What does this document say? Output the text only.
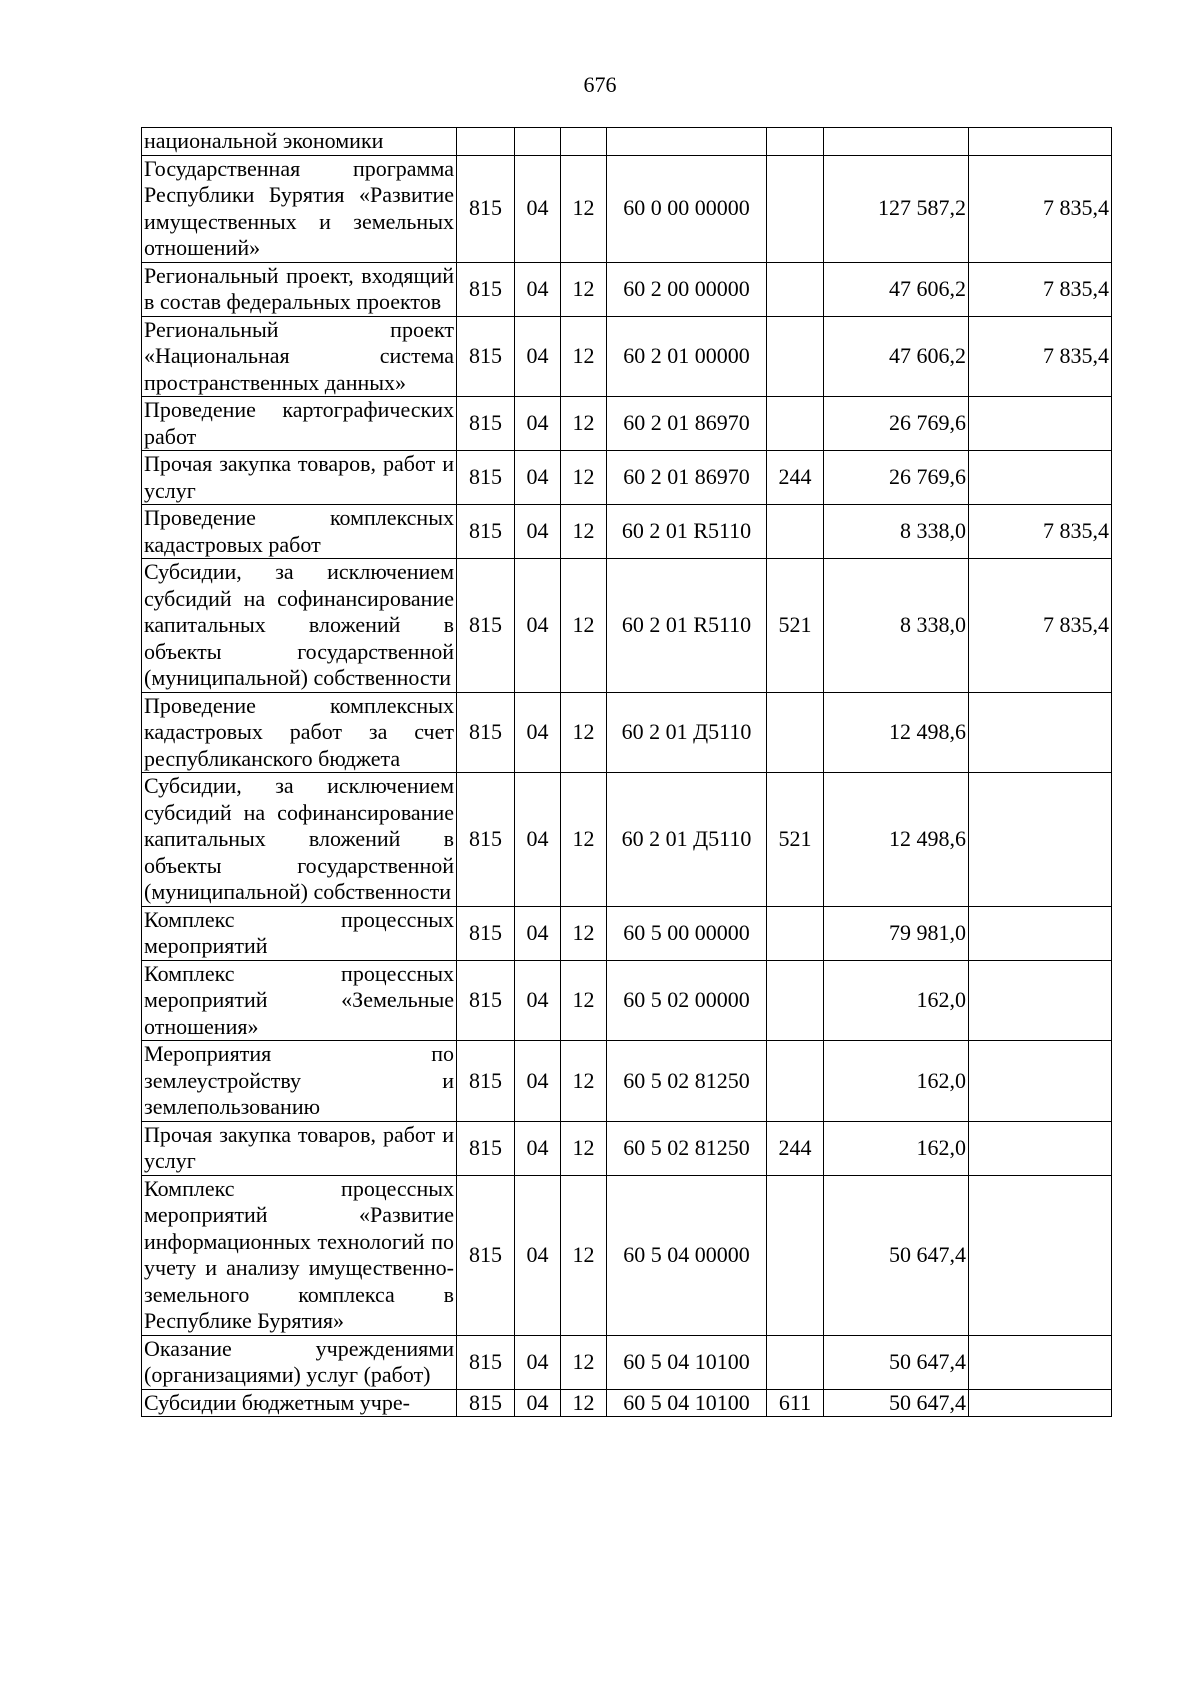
676
национальной экономики							
Государственная программа Республики Бурятия «Развитие имущественных и земельных отношений»	815	04	12	60 0 00 00000		127 587,2	7 835,4
Региональный проект, входящий в состав федеральных проектов	815	04	12	60 2 00 00000		47 606,2	7 835,4
Региональный проект «Национальная система пространственных данных»	815	04	12	60 2 01 00000		47 606,2	7 835,4
Проведение картографических работ	815	04	12	60 2 01 86970		26 769,6	
Прочая закупка товаров, работ и услуг	815	04	12	60 2 01 86970	244	26 769,6	
Проведение комплексных кадастровых работ	815	04	12	60 2 01 R5110		8 338,0	7 835,4
Субсидии, за исключением субсидий на софинансирование капитальных вложений в объекты государственной (муниципальной) собственности	815	04	12	60 2 01 R5110	521	8 338,0	7 835,4
Проведение комплексных кадастровых работ за счет республиканского бюджета	815	04	12	60 2 01 Д5110		12 498,6	
Субсидии, за исключением субсидий на софинансирование капитальных вложений в объекты государственной (муниципальной) собственности	815	04	12	60 2 01 Д5110	521	12 498,6	
Комплекс процессных мероприятий	815	04	12	60 5 00 00000		79 981,0	
Комплекс процессных мероприятий «Земельные отношения»	815	04	12	60 5 02 00000		162,0	
Мероприятия по землеустройству и землепользованию	815	04	12	60 5 02 81250		162,0	
Прочая закупка товаров, работ и услуг	815	04	12	60 5 02 81250	244	162,0	
Комплекс процессных мероприятий «Развитие информационных технологий по учету и анализу имущественно-земельного комплекса в Республике Бурятия»	815	04	12	60 5 04 00000		50 647,4	
Оказание учреждениями (организациями) услуг (работ)	815	04	12	60 5 04 10100		50 647,4	
Субсидии бюджетным учре-	815	04	12	60 5 04 10100	611	50 647,4	
